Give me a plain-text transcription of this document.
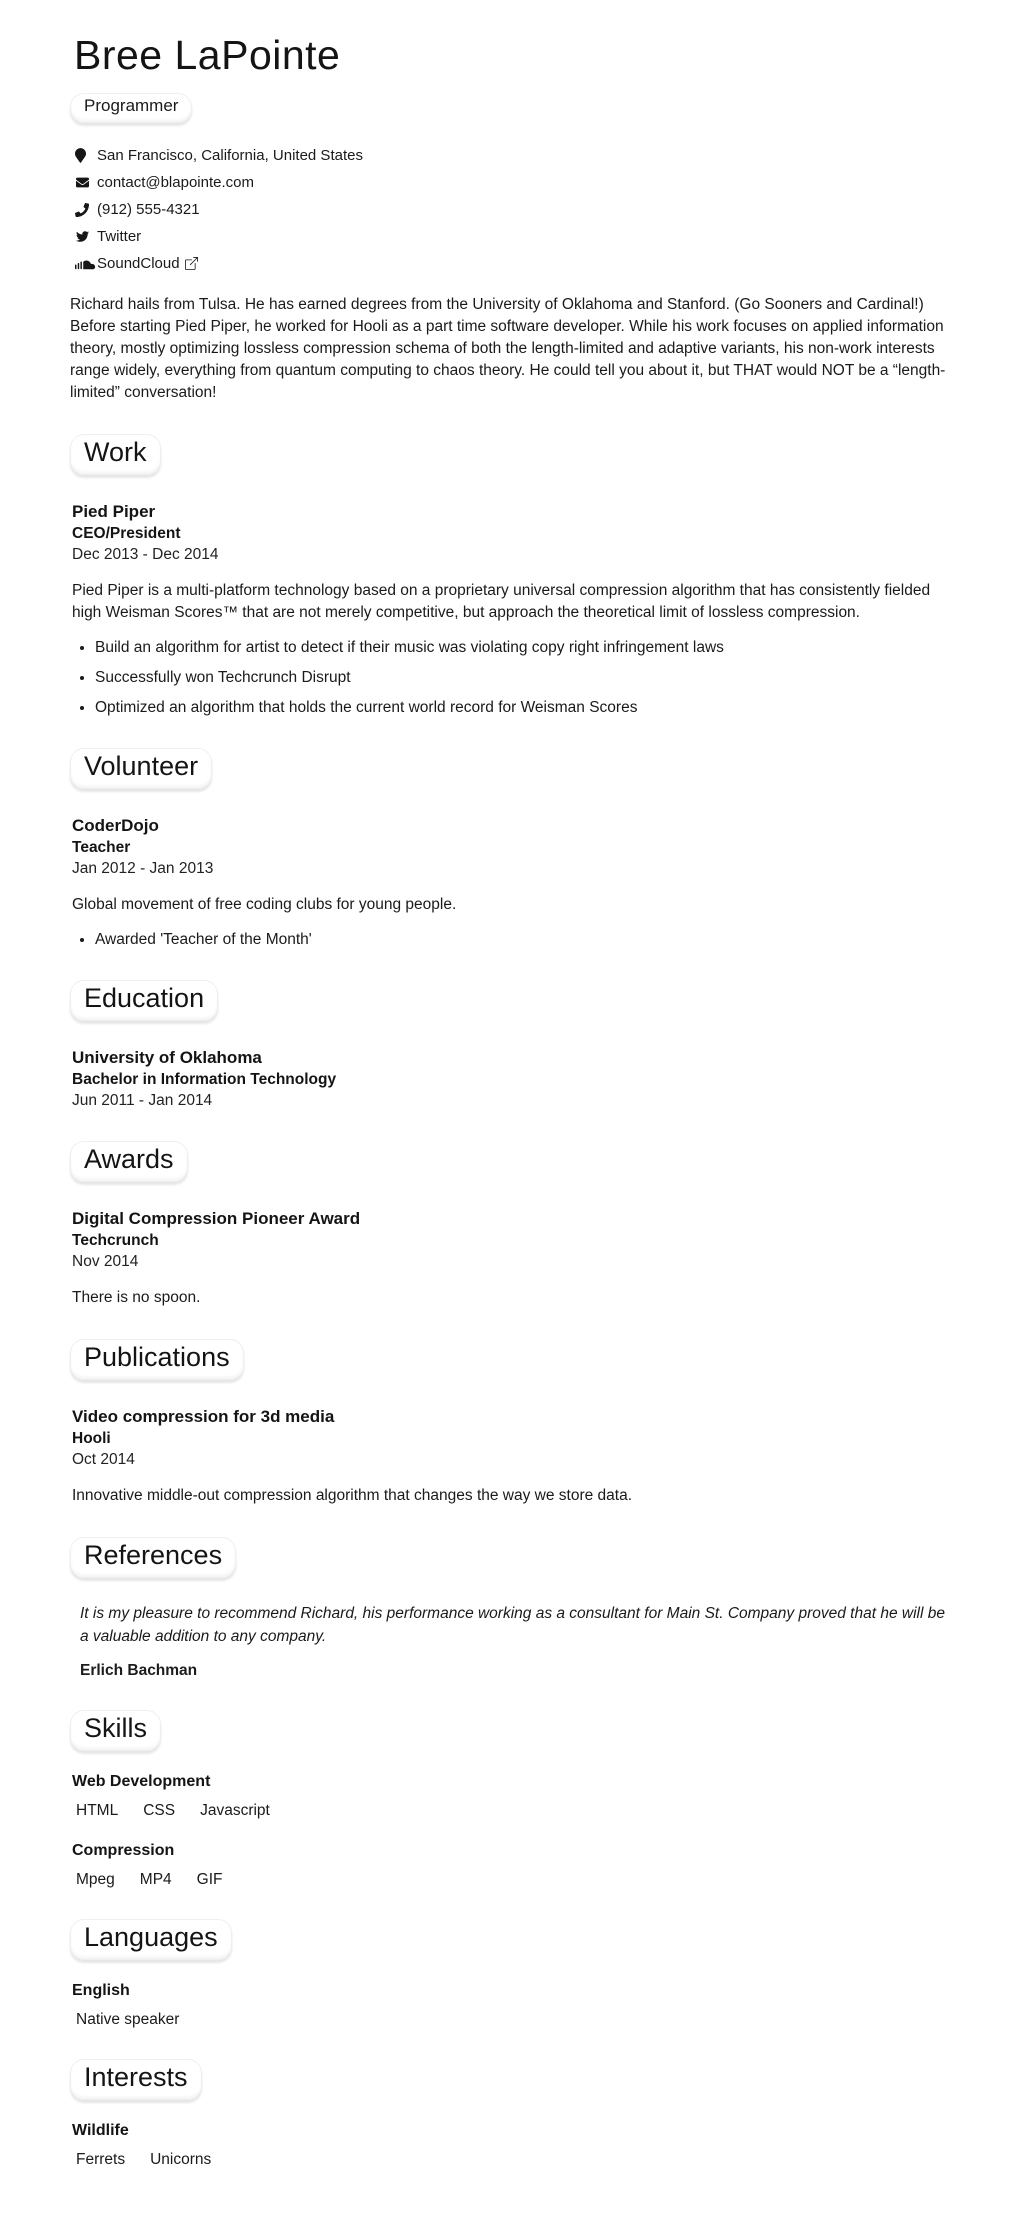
Bree LaPointe
Programmer
San Francisco, California, United States
contact@blapointe.com
(912) 555-4321
Twitter
SoundCloud

Richard hails from Tulsa. He has earned degrees from the University of Oklahoma and Stanford. (Go Sooners and Cardinal!) Before starting Pied Piper, he worked for Hooli as a part time software developer. While his work focuses on applied information theory, mostly optimizing lossless compression schema of both the length-limited and adaptive variants, his non-work interests range widely, everything from quantum computing to chaos theory. He could tell you about it, but THAT would NOT be a “length-limited” conversation!

Work
Pied Piper
CEO/President
Dec 2013 - Dec 2014

Pied Piper is a multi-platform technology based on a proprietary universal compression algorithm that has consistently fielded high Weisman Scores™ that are not merely competitive, but approach the theoretical limit of lossless compression.

• Build an algorithm for artist to detect if their music was violating copy right infringement laws
• Successfully won Techcrunch Disrupt
• Optimized an algorithm that holds the current world record for Weisman Scores
Volunteer
CoderDojo
Teacher
Jan 2012 - Jan 2013

Global movement of free coding clubs for young people.

• Awarded 'Teacher of the Month'
Education
University of Oklahoma
Bachelor in Information Technology
Jun 2011 - Jan 2014
Awards
Digital Compression Pioneer Award
Techcrunch
Nov 2014

There is no spoon.

Publications
Video compression for 3d media
Hooli
Oct 2014

Innovative middle-out compression algorithm that changes the way we store data.

References
It is my pleasure to recommend Richard, his performance working as a consultant for Main St. Company proved that he will be a valuable addition to any company.
Erlich Bachman
Skills
Web Development
HTML CSS Javascript
Compression
Mpeg MP4 GIF
Languages
English
Native speaker
Interests
Wildlife
Ferrets Unicorns
